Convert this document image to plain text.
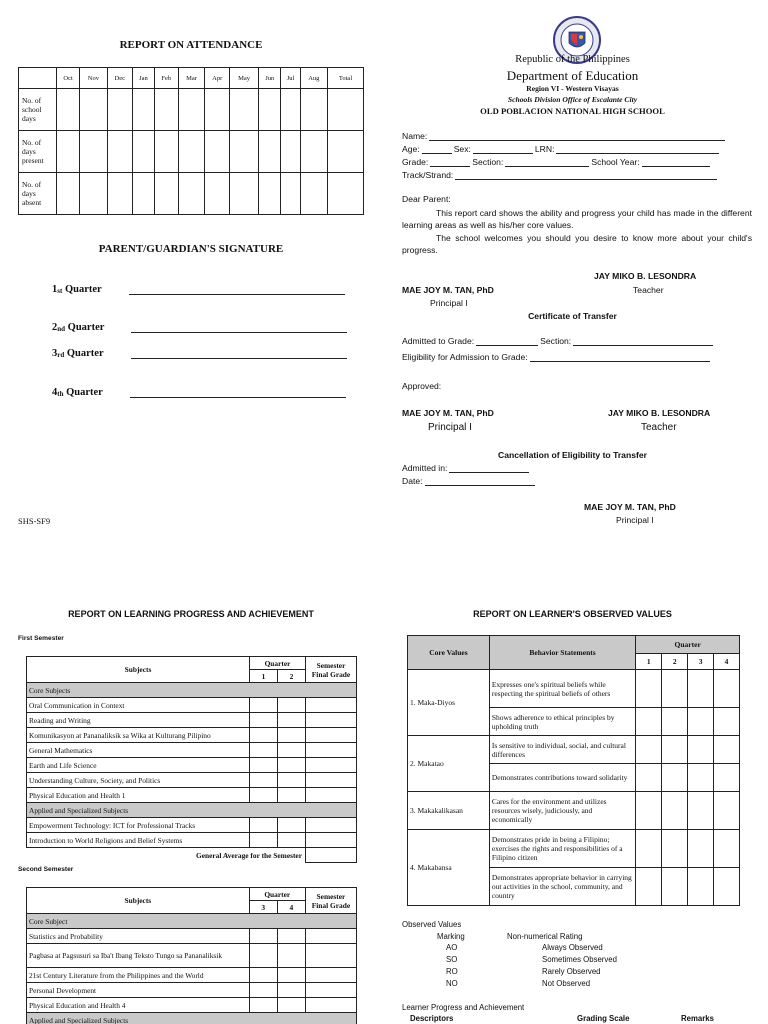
REPORT ON ATTENDANCE
	Oct	Nov	Dec	Jan	Feb	Mar	Apr	May	Jun	Jul	Aug	Total
No. of school days												
No. of days present												
No. of days absent												
PARENT/GUARDIAN'S SIGNATURE
1 st
Quarter
2 nd
Quarter
3 rd
Quarter
4 th
Quarter
SHS-SF9
Republic of the Philippines
Department of Education
Region VI - Western Visayas
Schools Division Office of Escalante City
OLD POBLACION NATIONAL HIGH SCHOOL
Name:
Age:	Sex:	LRN:
Grade:	Section:	School Year:
Track/Strand:
Dear Parent:
This report card shows the ability and progress your child has made in the different learning areas as well as his/her core values.
The school welcomes you should you desire to know more about your child's progress.
JAY MIKO B. LESONDRA
Teacher
MAE JOY M. TAN, PhD
Principal I
Certificate of Transfer
Admitted to Grade:	Section:
Eligibility for Admission to Grade:
Approved:
MAE JOY M. TAN, PhD	JAY MIKO B. LESONDRA
Principal I	Teacher
Cancellation of Eligibility to Transfer
Admitted in:
Date:
MAE JOY M. TAN, PhD
Principal I
REPORT ON LEARNING PROGRESS AND ACHIEVEMENT
First Semester
Subjects	Quarter		Semester Final Grade
	1	2	
Core Subjects			
Oral Communication in Context			
Reading and Writing			
Komunikasyon at Pananaliksik sa Wika at Kulturang Pilipino			
General Mathematics			
Earth and Life Science			
Understanding Culture, Society, and Politics			
Physical Education and Health 1			
Applied and Specialized Subjects			
Empowerment Technology: ICT for Professional Tracks			
Introduction to World Religions and Belief Systems			
General Average for the Semester			
Second Semester
Subjects	Quarter		Semester Final Grade
	3	4	
Core Subject			
Statistics and Probability			
Pagbasa at Pagsusuri sa Iba't Ibang Teksto Tungo sa Pananaliksik			
21st Century Literature from the Philippines and the World			
Personal Development			
Physical Education and Health 4			
Applied and Specialized Subjects			
REPORT ON LEARNER'S OBSERVED VALUES
Core Values	Behavior Statements	Quarter			
		1	2	3	4
1. Maka-Diyos	Expresses one's spiritual beliefs while respecting the spiritual beliefs of others				
	Shows adherence to ethical principles by upholding truth				
2. Makatao	Is sensitive to individual, social, and cultural differences				
	Demonstrates contributions toward solidarity				
3. Makakalikasan	Cares for the environment and utilizes resources wisely, judiciously, and economically				
4. Makabansa	Demonstrates pride in being a Filipino; exercises the rights and responsibilities of a Filipino citizen				
	Demonstrates appropriate behavior in carrying out activities in the school, community, and country				
Observed Values
Marking	Non-numerical Rating
AO	Always Observed
SO	Sometimes Observed
RO	Rarely Observed
NO	Not Observed
Learner Progress and Achievement
Descriptors	Grading Scale	Remarks
